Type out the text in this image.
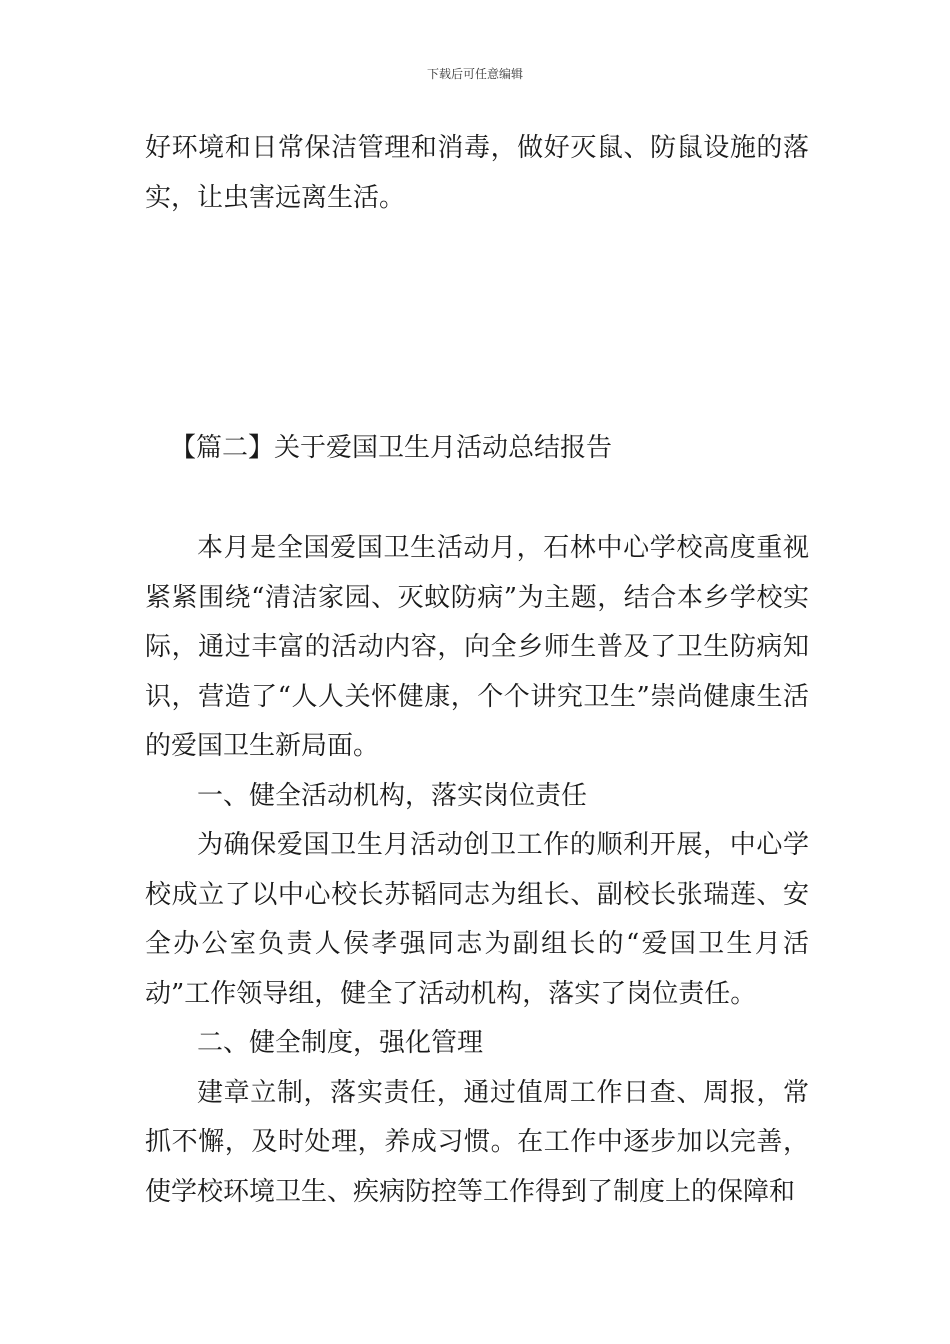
下载后可任意编辑
好环境和日常保洁管理和消毒，做好灭鼠、防鼠设施的落实，让虫害远离生活。
【篇二】关于爱国卫生月活动总结报告

本月是全国爱国卫生活动月，石林中心学校高度重视紧紧围绕“清洁家园、灭蚊防病”为主题，结合本乡学校实际，通过丰富的活动内容，向全乡师生普及了卫生防病知识，营造了“人人关怀健康，个个讲究卫生”崇尚健康生活的爱国卫生新局面。

一、健全活动机构，落实岗位责任

为确保爱国卫生月活动创卫工作的顺利开展，中心学校成立了以中心校长苏韬同志为组长、副校长张瑞莲、安全办公室负责人侯孝强同志为副组长的“爱国卫生月活动”工作领导组，健全了活动机构，落实了岗位责任。

二、健全制度，强化管理

建章立制，落实责任，通过值周工作日查、周报，常抓不懈，及时处理，养成习惯。在工作中逐步加以完善，使学校环境卫生、疾病防控等工作得到了制度上的保障和
